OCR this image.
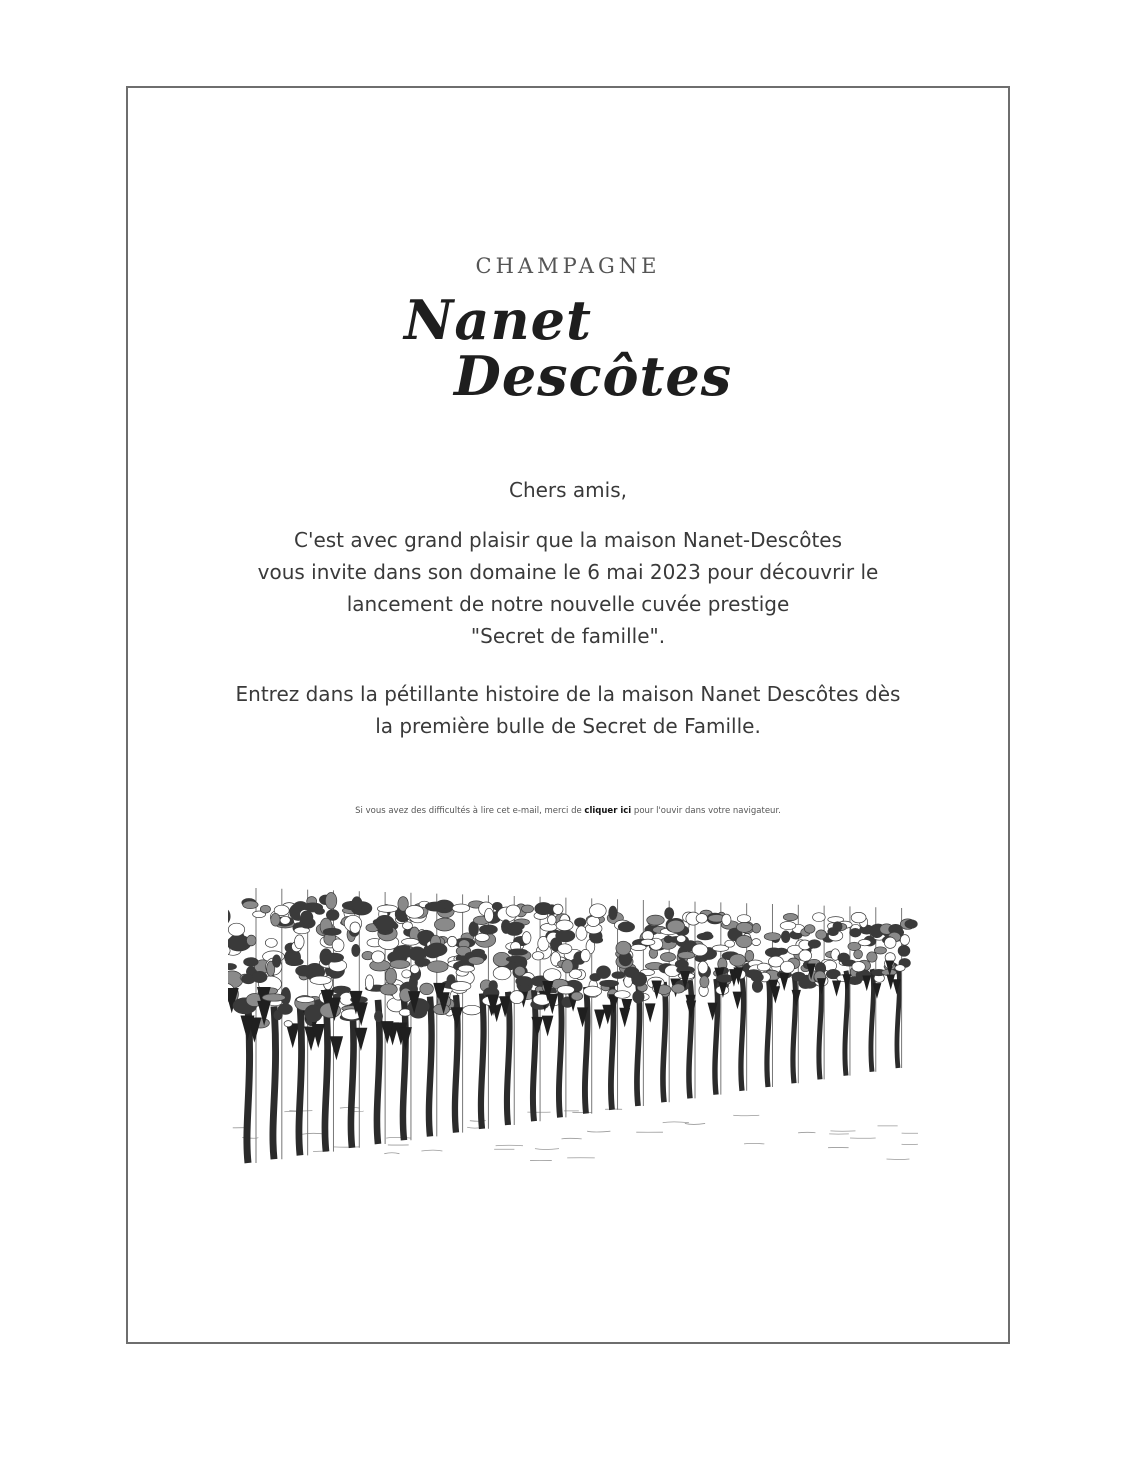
CHAMPAGNE
Nanet
Descôtes

Chers amis,

C'est avec grand plaisir que la maison Nanet-Descôtes

vous invite dans son domaine le 6 mai 2023 pour découvrir le

lancement de notre nouvelle cuvée prestige

"Secret de famille".

Entrez dans la pétillante histoire de la maison Nanet Descôtes dès

la première bulle de Secret de Famille.

Si vous avez des difficultés à lire cet e-mail, merci de cliquer ici pour l'ouvir dans votre navigateur.
